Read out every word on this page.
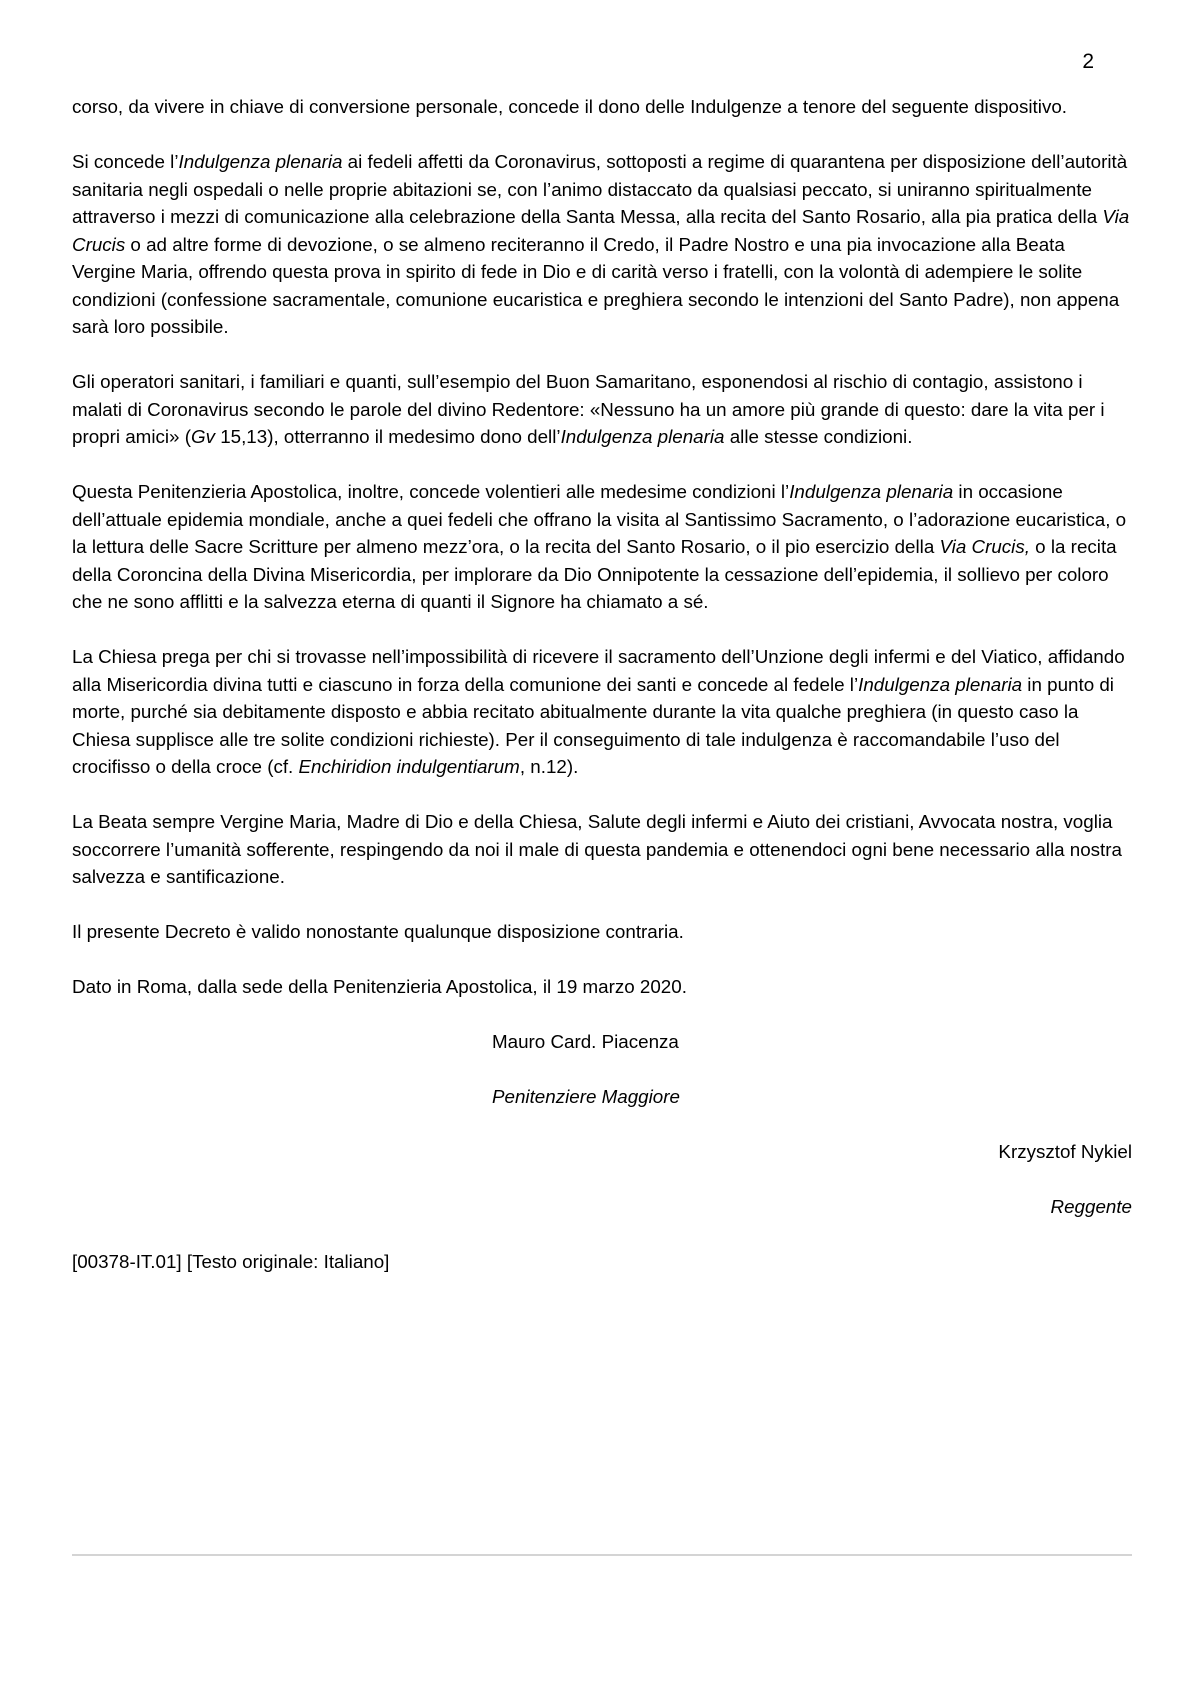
2

corso, da vivere in chiave di conversione personale, concede il dono delle Indulgenze a tenore del seguente dispositivo.

Si concede l’Indulgenza plenaria ai fedeli affetti da Coronavirus, sottoposti a regime di quarantena per disposizione dell’autorità sanitaria negli ospedali o nelle proprie abitazioni se, con l’animo distaccato da qualsiasi peccato, si uniranno spiritualmente attraverso i mezzi di comunicazione alla celebrazione della Santa Messa, alla recita del Santo Rosario, alla pia pratica della Via Crucis o ad altre forme di devozione, o se almeno reciteranno il Credo, il Padre Nostro e una pia invocazione alla Beata Vergine Maria, offrendo questa prova in spirito di fede in Dio e di carità verso i fratelli, con la volontà di adempiere le solite condizioni (confessione sacramentale, comunione eucaristica e preghiera secondo le intenzioni del Santo Padre), non appena sarà loro possibile.

Gli operatori sanitari, i familiari e quanti, sull’esempio del Buon Samaritano, esponendosi al rischio di contagio, assistono i malati di Coronavirus secondo le parole del divino Redentore: «Nessuno ha un amore più grande di questo: dare la vita per i propri amici» (Gv 15,13), otterranno il medesimo dono dell’Indulgenza plenaria alle stesse condizioni.

Questa Penitenzieria Apostolica, inoltre, concede volentieri alle medesime condizioni l’Indulgenza plenaria in occasione dell’attuale epidemia mondiale, anche a quei fedeli che offrano la visita al Santissimo Sacramento, o l’adorazione eucaristica, o la lettura delle Sacre Scritture per almeno mezz’ora, o la recita del Santo Rosario, o il pio esercizio della Via Crucis, o la recita della Coroncina della Divina Misericordia, per implorare da Dio Onnipotente la cessazione dell’epidemia, il sollievo per coloro che ne sono afflitti e la salvezza eterna di quanti il Signore ha chiamato a sé.

La Chiesa prega per chi si trovasse nell’impossibilità di ricevere il sacramento dell’Unzione degli infermi e del Viatico, affidando alla Misericordia divina tutti e ciascuno in forza della comunione dei santi e concede al fedele l’Indulgenza plenaria in punto di morte, purché sia debitamente disposto e abbia recitato abitualmente durante la vita qualche preghiera (in questo caso la Chiesa supplisce alle tre solite condizioni richieste). Per il conseguimento di tale indulgenza è raccomandabile l’uso del crocifisso o della croce (cf. Enchiridion indulgentiarum, n.12).

La Beata sempre Vergine Maria, Madre di Dio e della Chiesa, Salute degli infermi e Aiuto dei cristiani, Avvocata nostra, voglia soccorrere l’umanità sofferente, respingendo da noi il male di questa pandemia e ottenendoci ogni bene necessario alla nostra salvezza e santificazione.

Il presente Decreto è valido nonostante qualunque disposizione contraria.

Dato in Roma, dalla sede della Penitenzieria Apostolica, il 19 marzo 2020.

Mauro Card. Piacenza

Penitenziere Maggiore

Krzysztof Nykiel

Reggente

[00378-IT.01] [Testo originale: Italiano]
